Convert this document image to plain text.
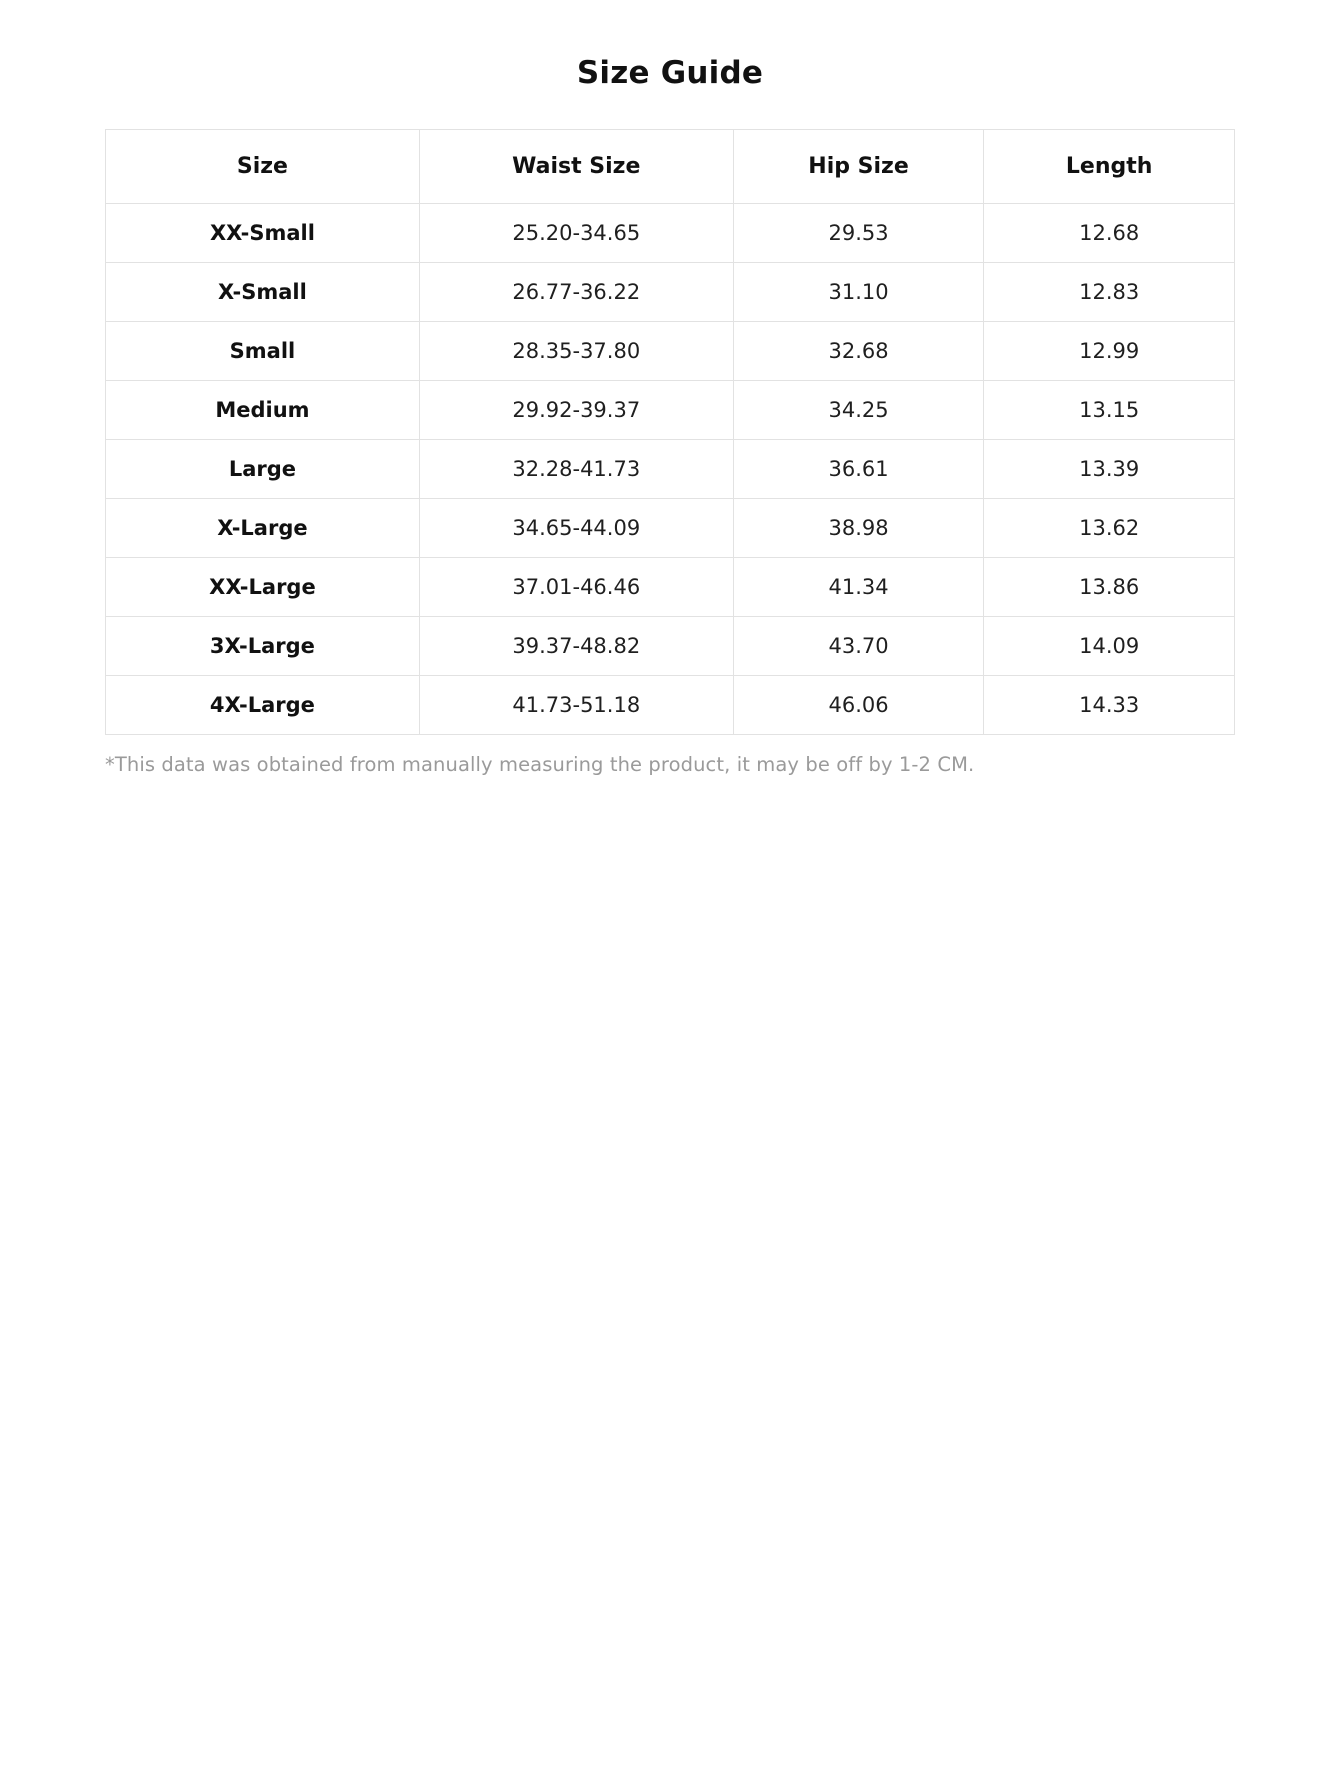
Size Guide
Size	Waist Size	Hip Size	Length
XX-Small	25.20-34.65	29.53	12.68
X-Small	26.77-36.22	31.10	12.83
Small	28.35-37.80	32.68	12.99
Medium	29.92-39.37	34.25	13.15
Large	32.28-41.73	36.61	13.39
X-Large	34.65-44.09	38.98	13.62
XX-Large	37.01-46.46	41.34	13.86
3X-Large	39.37-48.82	43.70	14.09
4X-Large	41.73-51.18	46.06	14.33

*This data was obtained from manually measuring the product, it may be off by 1-2 CM.
